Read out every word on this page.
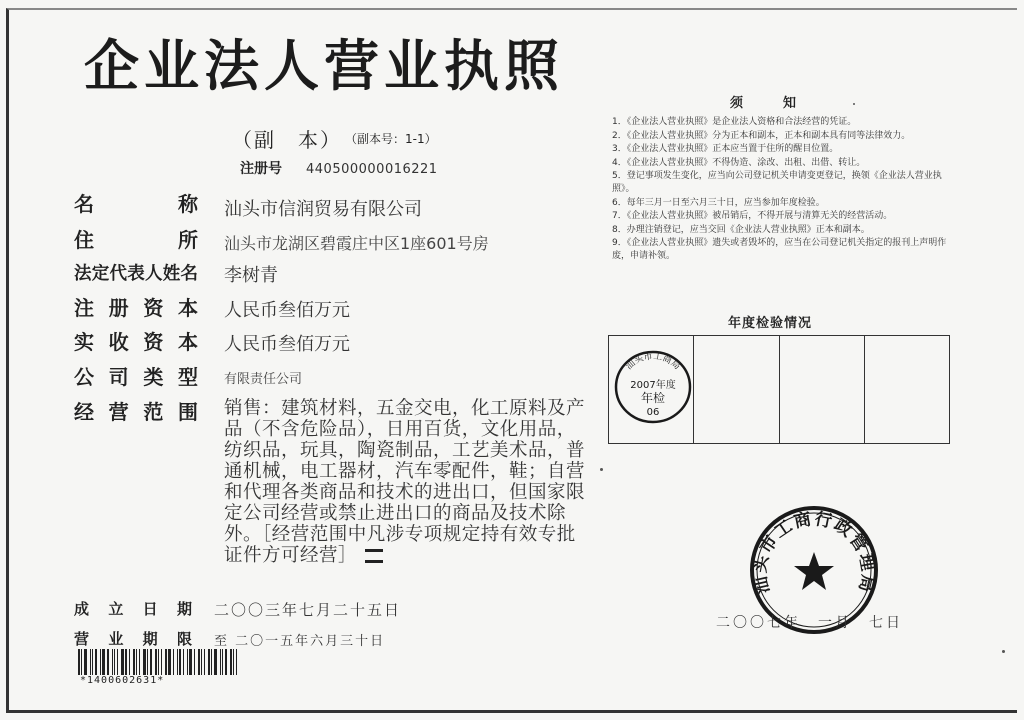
企业法人营业执照
（副　本） （副本号：1-1）
注册号 440500000016221
名	称 汕头市信润贸易有限公司
住	所 汕头市龙湖区碧霞庄中区1座601号房
法 定 代 表 人 姓 名 李树青
注 册 资 本 人民币叁佰万元
实 收 资 本 人民币叁佰万元
公 司 类 型 有限责任公司
经 营 范 围 销售：建筑材料，五金交电，化工原料及产品（不含危险品），日用百货，文化用品，纺织品，玩具，陶瓷制品，工艺美术品，普通机械，电工器材，汽车零配件，鞋；自营和代理各类商品和技术的进出口，但国家限定公司经营或禁止进出口的商品及技术除外。［经营范围中凡涉专项规定持有效专批证件方可经营］
成 立 日 期 二〇〇三年七月二十五日
营 业 期 限 至 二〇一五年六月三十日
*1400602631*
须知

1．《企业法人营业执照》是企业法人资格和合法经营的凭证。

2．《企业法人营业执照》分为正本和副本，正本和副本具有同等法律效力。

3．《企业法人营业执照》正本应当置于住所的醒目位置。

4．《企业法人营业执照》不得伪造、涂改、出租、出借、转让。

5．登记事项发生变化，应当向公司登记机关申请变更登记，换领《企业法人营业执照》。

6．每年三月一日至六月三十日，应当参加年度检验。

7．《企业法人营业执照》被吊销后，不得开展与清算无关的经营活动。

8．办理注销登记，应当交回《企业法人营业执照》正本和副本。

9．《企业法人营业执照》遗失或者毁坏的，应当在公司登记机关指定的报刊上声明作废，申请补领。

年度检验情况
汕头市工商局
2007年度
年检
06
汕头市工商行政管理局
二〇〇七年　一月　七日
